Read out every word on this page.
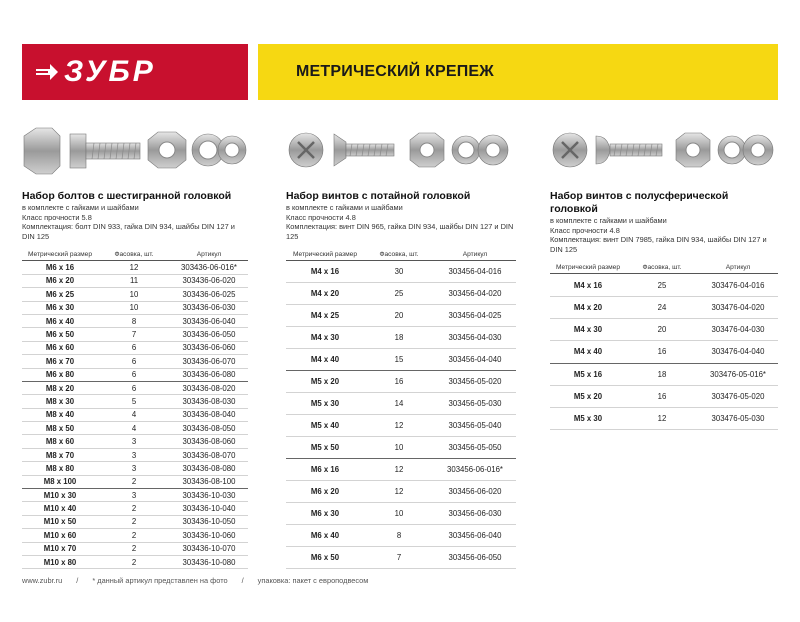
ЗУБР	МЕТРИЧЕСКИЙ КРЕПЕЖ
Набор болтов с шестигранной головкой
в комплекте с гайками и шайбами
Класс прочности 5.8
Комплектация: болт DIN 933, гайка DIN 934, шайбы DIN 127 и DIN 125
Метрический размер	Фасовка, шт.	Артикул
M6 x 16	12	303436-06-016*
M6 x 20	11	303436-06-020
M6 x 25	10	303436-06-025
M6 x 30	10	303436-06-030
M6 x 40	8	303436-06-040
M6 x 50	7	303436-06-050
M6 x 60	6	303436-06-060
M6 x 70	6	303436-06-070
M6 x 80	6	303436-06-080
M8 x 20	6	303436-08-020
M8 x 30	5	303436-08-030
M8 x 40	4	303436-08-040
M8 x 50	4	303436-08-050
M8 x 60	3	303436-08-060
M8 x 70	3	303436-08-070
M8 x 80	3	303436-08-080
M8 x 100	2	303436-08-100
M10 x 30	3	303436-10-030
M10 x 40	2	303436-10-040
M10 x 50	2	303436-10-050
M10 x 60	2	303436-10-060
M10 x 70	2	303436-10-070
M10 x 80	2	303436-10-080
Набор винтов с потайной головкой
в комплекте с гайками и шайбами
Класс прочности 4.8
Комплектация: винт DIN 965, гайка DIN 934, шайбы DIN 127 и DIN 125
Метрический размер	Фасовка, шт.	Артикул
M4 x 16	30	303456-04-016
M4 x 20	25	303456-04-020
M4 x 25	20	303456-04-025
M4 x 30	18	303456-04-030
M4 x 40	15	303456-04-040
M5 x 20	16	303456-05-020
M5 x 30	14	303456-05-030
M5 x 40	12	303456-05-040
M5 x 50	10	303456-05-050
M6 x 16	12	303456-06-016*
M6 x 20	12	303456-06-020
M6 x 30	10	303456-06-030
M6 x 40	8	303456-06-040
M6 x 50	7	303456-06-050
Набор винтов с полусферической головкой
в комплекте с гайками и шайбами
Класс прочности 4.8
Комплектация: винт DIN 7985, гайка DIN 934, шайбы DIN 127 и DIN 125
Метрический размер	Фасовка, шт.	Артикул
M4 x 16	25	303476-04-016
M4 x 20	24	303476-04-020
M4 x 30	20	303476-04-030
M4 x 40	16	303476-04-040
M5 x 16	18	303476-05-016*
M5 x 20	16	303476-05-020
M5 x 30	12	303476-05-030
www.zubr.ru / * данный артикул представлен на фото / упаковка: пакет с европодвесом
